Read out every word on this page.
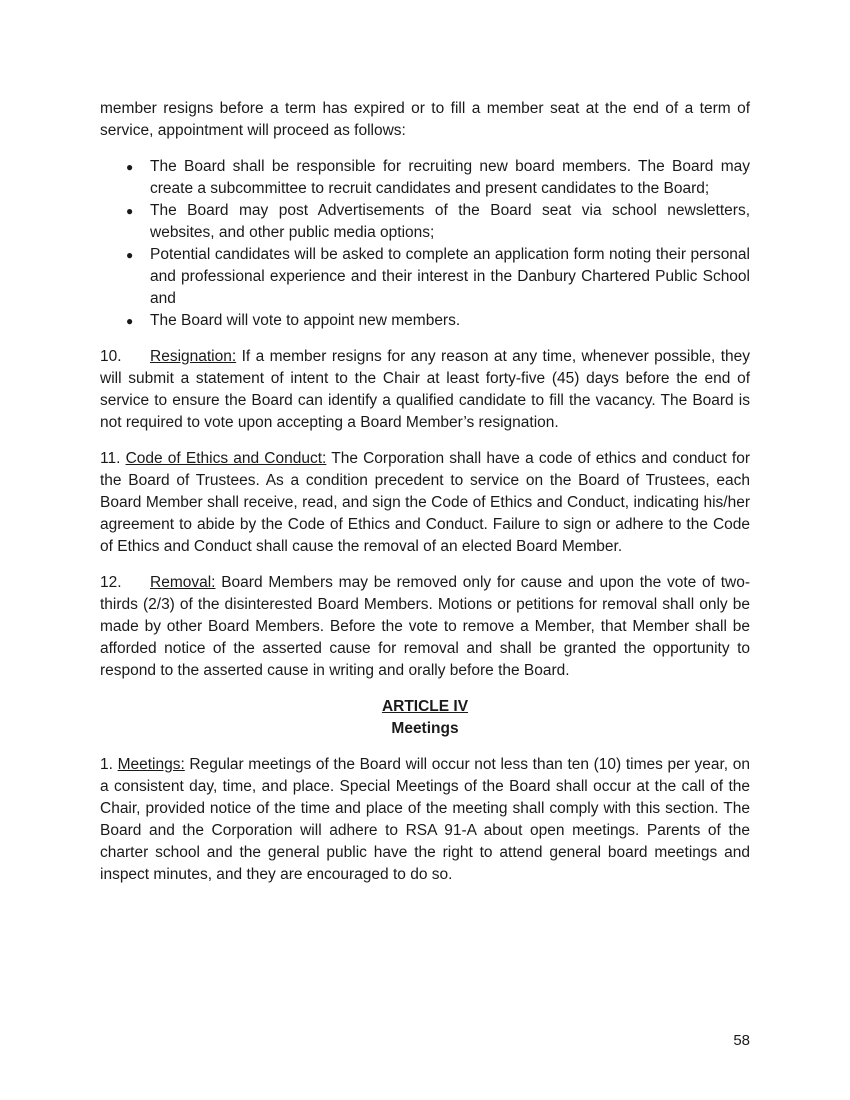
member resigns before a term has expired or to fill a member seat at the end of a term of service, appointment will proceed as follows:

● The Board shall be responsible for recruiting new board members. The Board may create a subcommittee to recruit candidates and present candidates to the Board;
● The Board may post Advertisements of the Board seat via school newsletters, websites, and other public media options;
● Potential candidates will be asked to complete an application form noting their personal and professional experience and their interest in the Danbury Chartered Public School and
● The Board will vote to appoint new members.

10. Resignation: If a member resigns for any reason at any time, whenever possible, they will submit a statement of intent to the Chair at least forty-five (45) days before the end of service to ensure the Board can identify a qualified candidate to fill the vacancy. The Board is not required to vote upon accepting a Board Member’s resignation.

11. Code of Ethics and Conduct: The Corporation shall have a code of ethics and conduct for the Board of Trustees. As a condition precedent to service on the Board of Trustees, each Board Member shall receive, read, and sign the Code of Ethics and Conduct, indicating his/her agreement to abide by the Code of Ethics and Conduct. Failure to sign or adhere to the Code of Ethics and Conduct shall cause the removal of an elected Board Member.

12. Removal: Board Members may be removed only for cause and upon the vote of two-thirds (2/3) of the disinterested Board Members. Motions or petitions for removal shall only be made by other Board Members. Before the vote to remove a Member, that Member shall be afforded notice of the asserted cause for removal and shall be granted the opportunity to respond to the asserted cause in writing and orally before the Board.

ARTICLE IV
Meetings

1. Meetings: Regular meetings of the Board will occur not less than ten (10) times per year, on a consistent day, time, and place. Special Meetings of the Board shall occur at the call of the Chair, provided notice of the time and place of the meeting shall comply with this section. The Board and the Corporation will adhere to RSA 91-A about open meetings. Parents of the charter school and the general public have the right to attend general board meetings and inspect minutes, and they are encouraged to do so.

58
